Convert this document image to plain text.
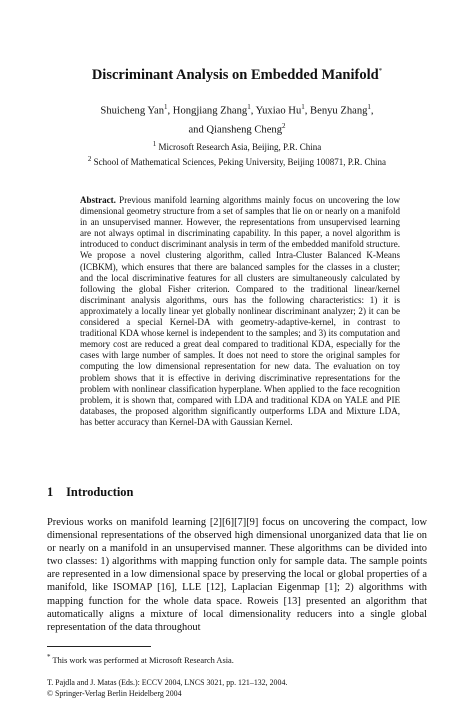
Discriminant Analysis on Embedded Manifold*
Shuicheng Yan$^1$, Hongjiang Zhang$^1$, Yuxiao Hu$^1$, Benyu Zhang$^1$,
and Qiansheng Cheng$^2$
$^1$ Microsoft Research Asia, Beijing, P.R. China
$^2$ School of Mathematical Sciences, Peking University, Beijing 100871, P.R. China
Abstract. Previous manifold learning algorithms mainly focus on uncovering the low dimensional geometry structure from a set of samples that lie on or nearly on a manifold in an unsupervised manner. However, the representations from unsupervised learning are not always optimal in discriminating capability. In this paper, a novel algorithm is introduced to conduct discriminant analysis in term of the embedded manifold structure. We propose a novel clustering algorithm, called Intra-Cluster Balanced K-Means (ICBKM), which ensures that there are balanced samples for the classes in a cluster; and the local discriminative features for all clusters are simultaneously calculated by following the global Fisher criterion. Compared to the traditional linear/kernel discriminant analysis algorithms, ours has the following characteristics: 1) it is approximately a locally linear yet globally nonlinear discriminant analyzer; 2) it can be considered a special Kernel-DA with geometry-adaptive-kernel, in contrast to traditional KDA whose kernel is independent to the samples; and 3) its computation and memory cost are reduced a great deal compared to traditional KDA, especially for the cases with large number of samples. It does not need to store the original samples for computing the low dimensional representation for new data. The evaluation on toy problem shows that it is effective in deriving discriminative representations for the problem with nonlinear classification hyperplane. When applied to the face recognition problem, it is shown that, compared with LDA and traditional KDA on YALE and PIE databases, the proposed algorithm significantly outperforms LDA and Mixture LDA, has better accuracy than Kernel-DA with Gaussian Kernel.
1 Introduction
Previous works on manifold learning [2][6][7][9] focus on uncovering the compact, low dimensional representations of the observed high dimensional unorganized data that lie on or nearly on a manifold in an unsupervised manner. These algorithms can be divided into two classes: 1) algorithms with mapping function only for sample data. The sample points are represented in a low dimensional space by preserving the local or global properties of a manifold, like ISOMAP [16], LLE [12], Laplacian Eigenmap [1]; 2) algorithms with mapping function for the whole data space. Roweis [13] presented an algorithm that automatically aligns a mixture of local dimensionality reducers into a single global representation of the data throughout
* This work was performed at Microsoft Research Asia.
T. Pajdla and J. Matas (Eds.): ECCV 2004, LNCS 3021, pp. 121–132, 2004.
© Springer-Verlag Berlin Heidelberg 2004
